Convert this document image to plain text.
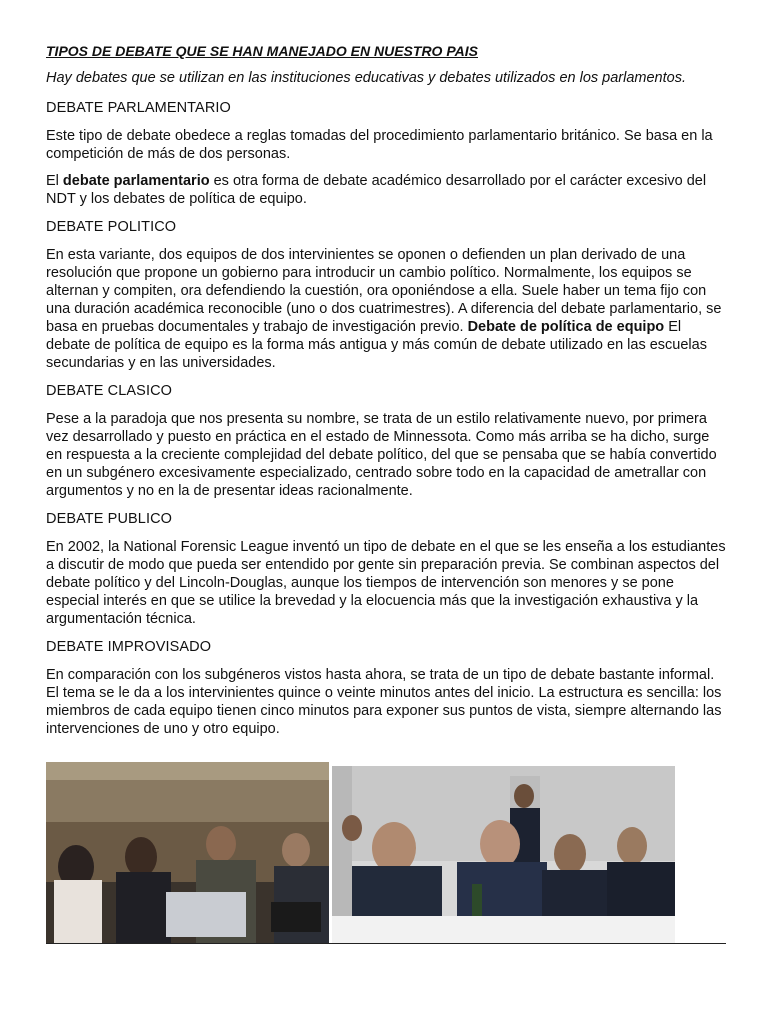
TIPOS DE DEBATE QUE SE HAN MANEJADO EN NUESTRO PAIS
Hay debates que se utilizan en las instituciones educativas y debates utilizados en los parlamentos.
DEBATE PARLAMENTARIO
Este tipo de debate obedece a reglas tomadas del procedimiento parlamentario británico. Se basa en la competición de más de dos personas.
El debate parlamentario es otra forma de debate académico desarrollado por el carácter excesivo del NDT y los debates de política de equipo.
DEBATE POLITICO
En esta variante, dos equipos de dos intervinientes se oponen o defienden un plan derivado de una resolución que propone un gobierno para introducir un cambio político. Normalmente, los equipos se alternan y compiten, ora defendiendo la cuestión, ora oponiéndose a ella. Suele haber un tema fijo con una duración académica reconocible (uno o dos cuatrimestres). A diferencia del debate parlamentario, se basa en pruebas documentales y trabajo de investigación previo. Debate de política de equipo El debate de política de equipo es la forma más antigua y más común de debate utilizado en las escuelas secundarias y en las universidades.
DEBATE CLASICO
Pese a la paradoja que nos presenta su nombre, se trata de un estilo relativamente nuevo, por primera vez desarrollado y puesto en práctica en el estado de Minnessota. Como más arriba se ha dicho, surge en respuesta a la creciente complejidad del debate político, del que se pensaba que se había convertido en un subgénero excesivamente especializado, centrado sobre todo en la capacidad de ametrallar con argumentos y no en la de presentar ideas racionalmente.
DEBATE PUBLICO
En 2002, la National Forensic League inventó un tipo de debate en el que se les enseña a los estudiantes a discutir de modo que pueda ser entendido por gente sin preparación previa. Se combinan aspectos del debate político y del Lincoln-Douglas, aunque los tiempos de intervención son menores y se pone especial interés en que se utilice la brevedad y la elocuencia más que la investigación exhaustiva y la argumentación técnica.
DEBATE IMPROVISADO
En comparación con los subgéneros vistos hasta ahora, se trata de un tipo de debate bastante informal. El tema se le da a los intervinientes quince o veinte minutos antes del inicio. La estructura es sencilla: los miembros de cada equipo tienen cinco minutos para exponer sus puntos de vista, siempre alternando las intervenciones de uno y otro equipo.
